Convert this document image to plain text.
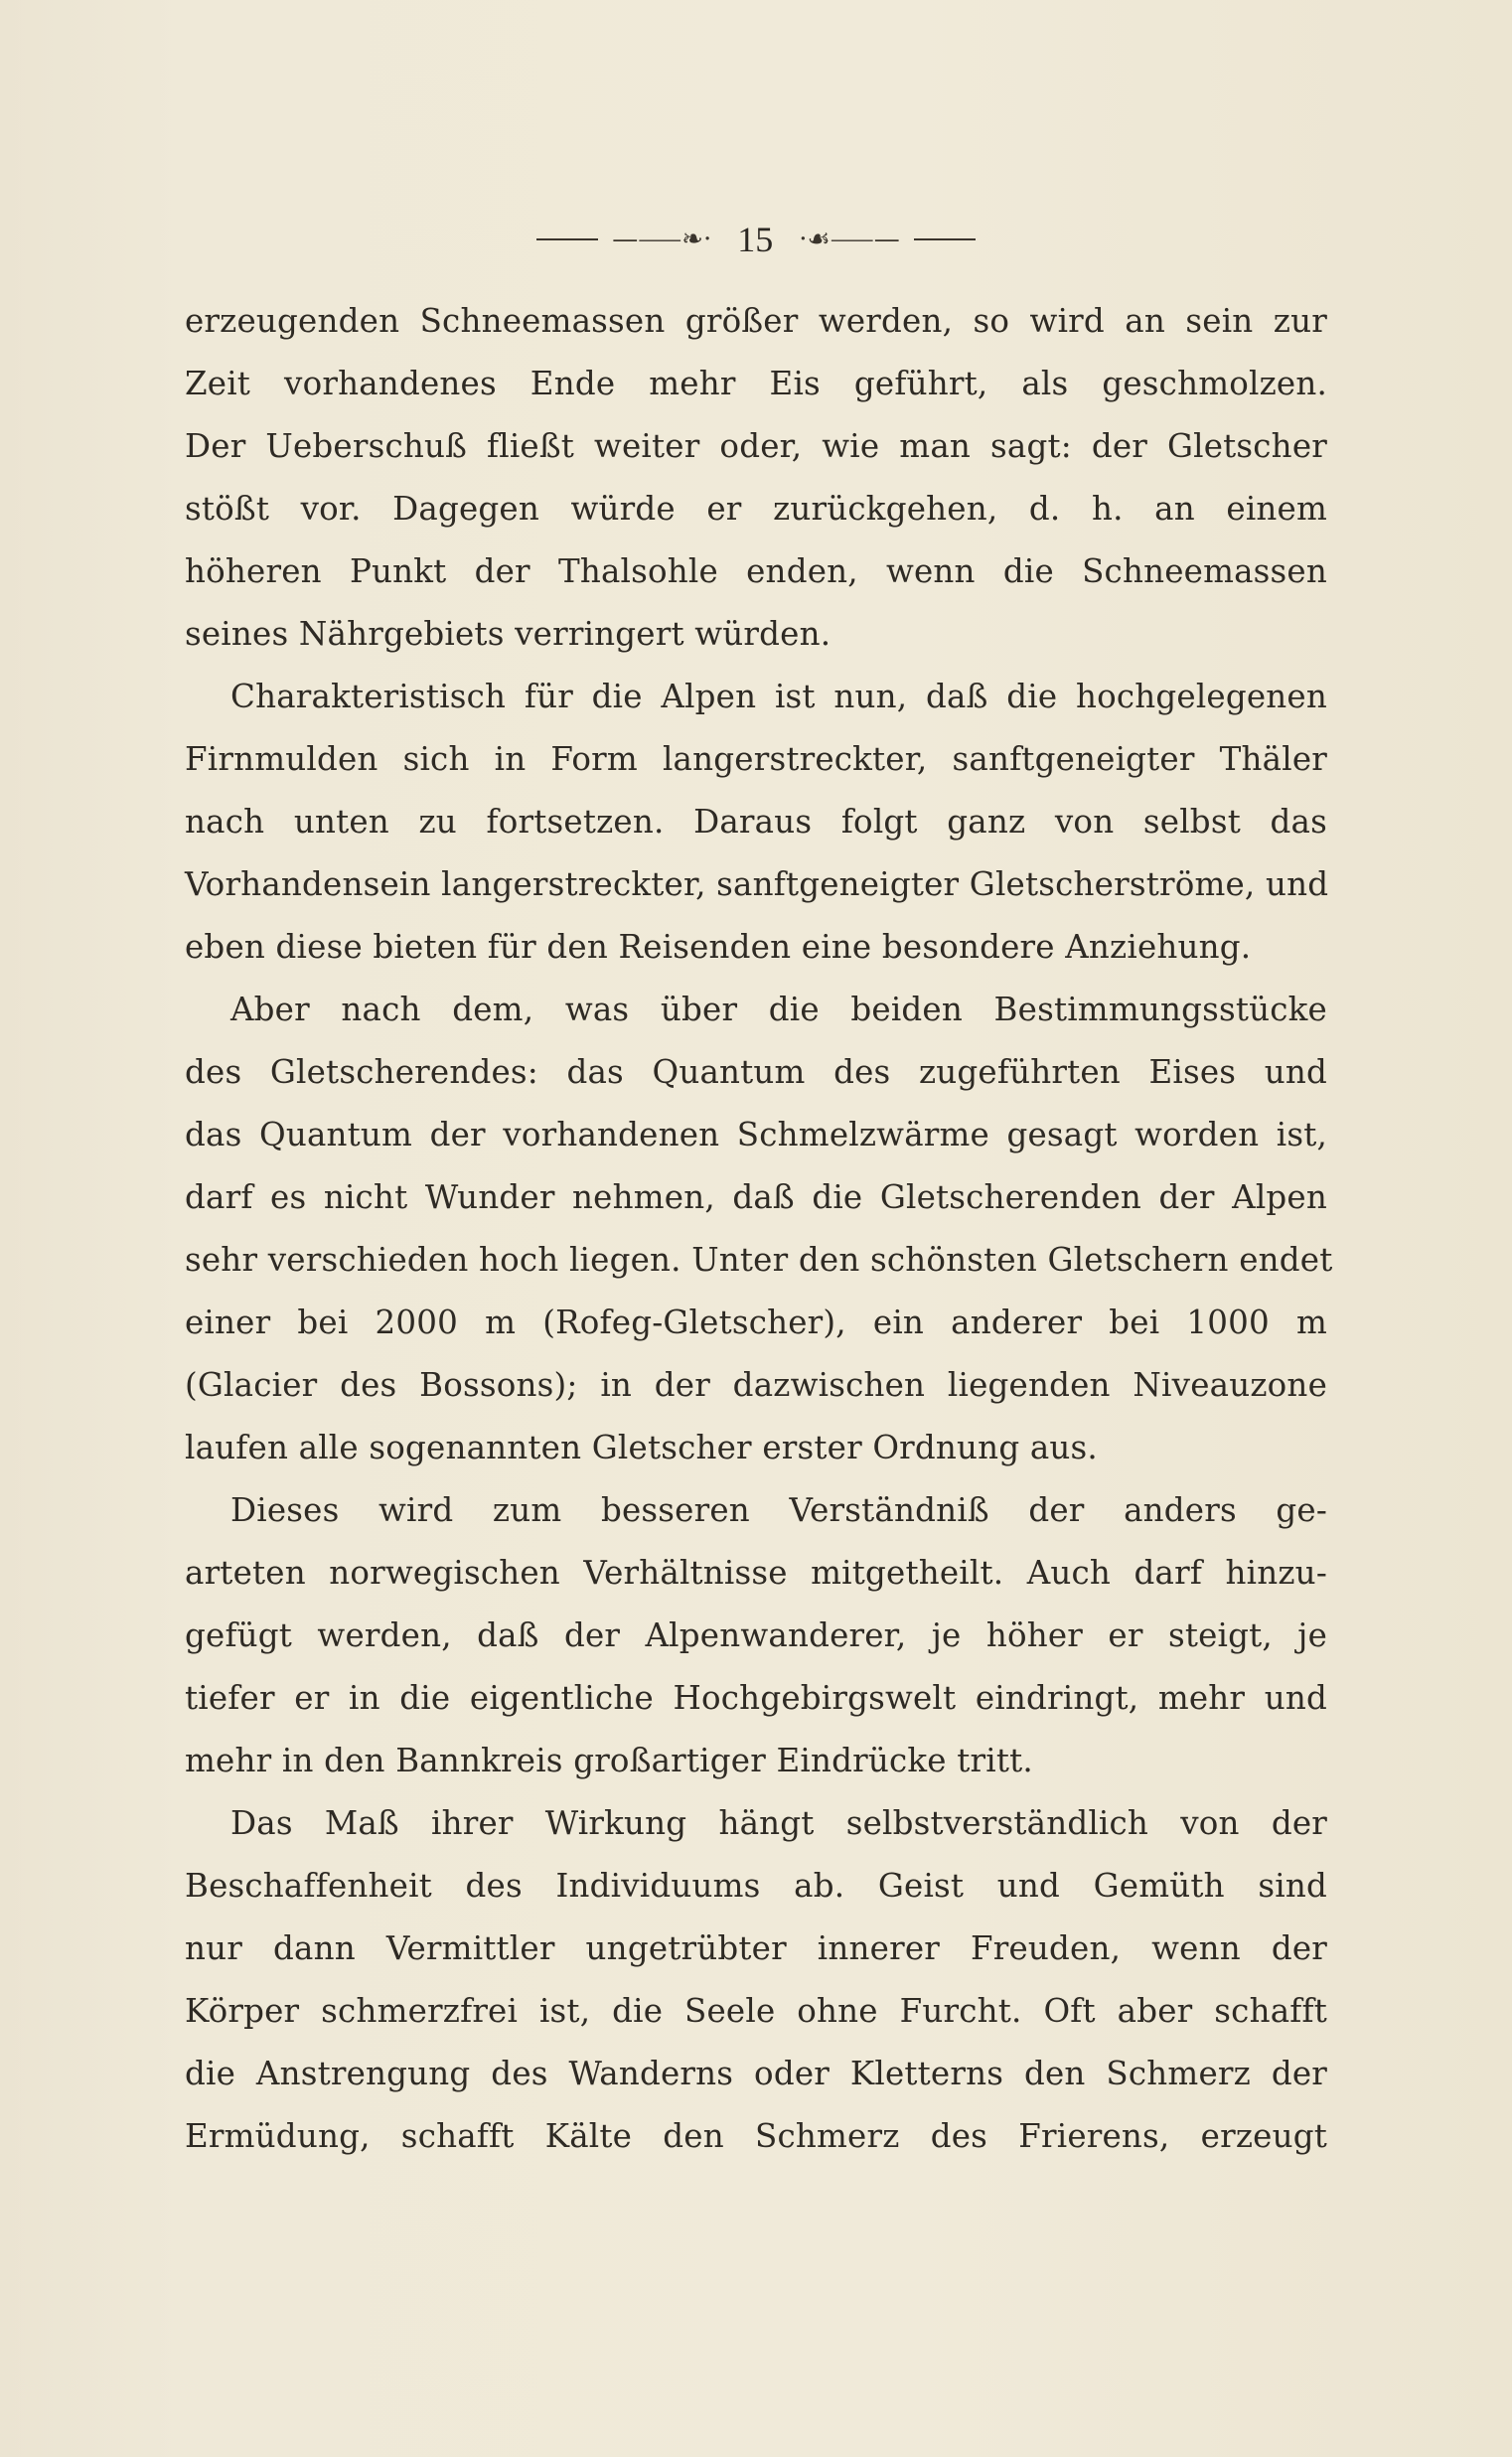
—⸺❧· 15 ·☙⸺—
erzeugenden Schneemassen größer werden, so wird an sein zur
Zeit vorhandenes Ende mehr Eis geführt, als geschmolzen.
Der Ueberschuß fließt weiter oder, wie man sagt: der Gletscher
stößt vor. Dagegen würde er zurückgehen, d. h. an einem
höheren Punkt der Thalsohle enden, wenn die Schneemassen
seines Nährgebiets verringert würden.
Charakteristisch für die Alpen ist nun, daß die hochgelegenen
Firnmulden sich in Form langerstreckter, sanftgeneigter Thäler
nach unten zu fortsetzen. Daraus folgt ganz von selbst das
Vorhandensein langerstreckter, sanftgeneigter Gletscherströme, und
eben diese bieten für den Reisenden eine besondere Anziehung.
Aber nach dem, was über die beiden Bestimmungsstücke
des Gletscherendes: das Quantum des zugeführten Eises und
das Quantum der vorhandenen Schmelzwärme gesagt worden ist,
darf es nicht Wunder nehmen, daß die Gletscherenden der Alpen
sehr verschieden hoch liegen. Unter den schönsten Gletschern endet
einer bei 2000 m (Rofeg-Gletscher), ein anderer bei 1000 m
(Glacier des Bossons); in der dazwischen liegenden Niveauzone
laufen alle sogenannten Gletscher erster Ordnung aus.
Dieses wird zum besseren Verständniß der anders ge-
arteten norwegischen Verhältnisse mitgetheilt. Auch darf hinzu-
gefügt werden, daß der Alpenwanderer, je höher er steigt, je
tiefer er in die eigentliche Hochgebirgswelt eindringt, mehr und
mehr in den Bannkreis großartiger Eindrücke tritt.
Das Maß ihrer Wirkung hängt selbstverständlich von der
Beschaffenheit des Individuums ab. Geist und Gemüth sind
nur dann Vermittler ungetrübter innerer Freuden, wenn der
Körper schmerzfrei ist, die Seele ohne Furcht. Oft aber schafft
die Anstrengung des Wanderns oder Kletterns den Schmerz der
Ermüdung, schafft Kälte den Schmerz des Frierens, erzeugt
